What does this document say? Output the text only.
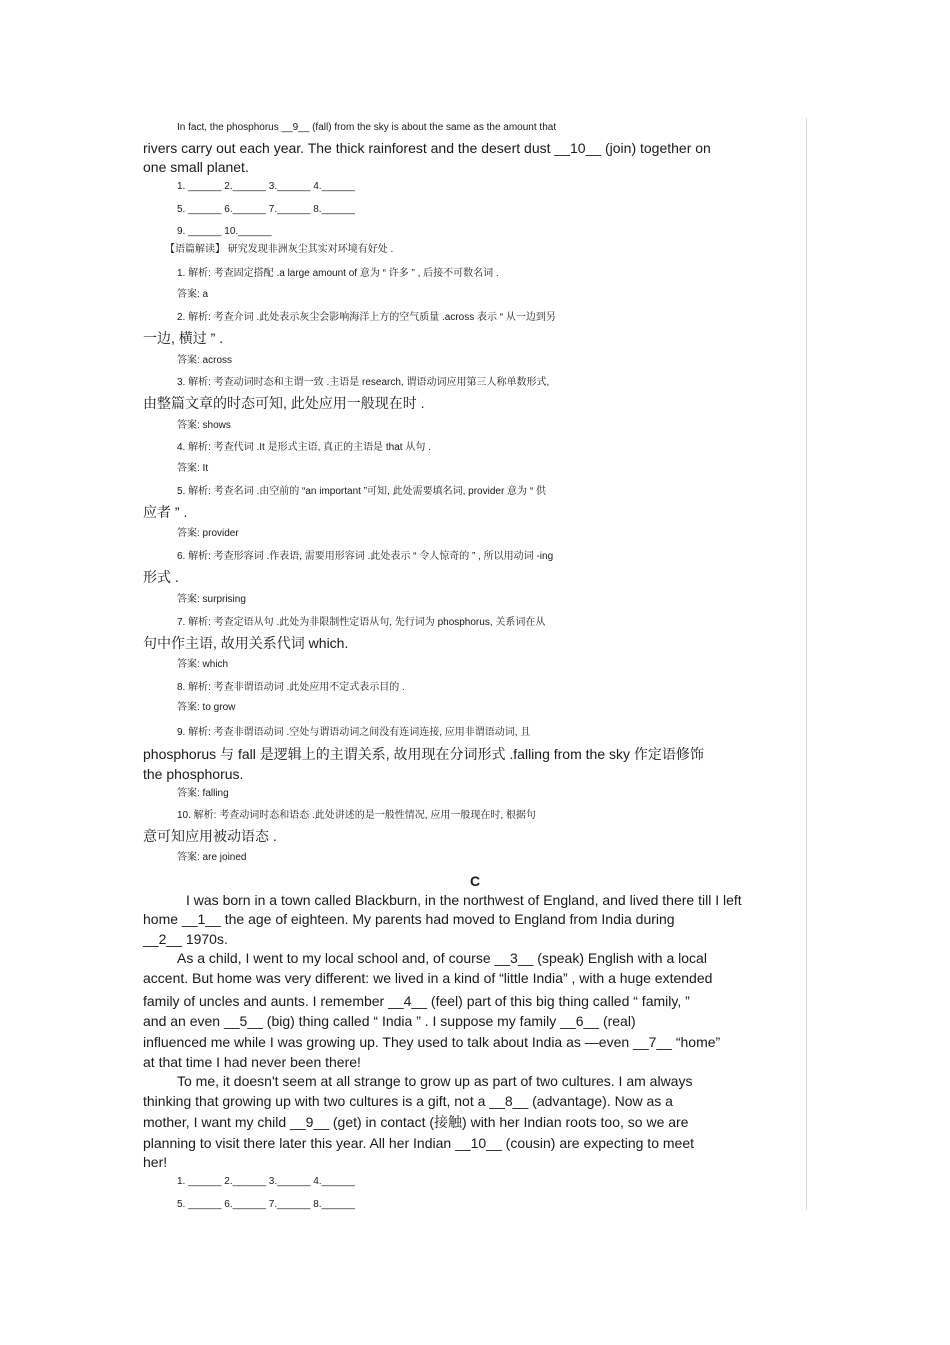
In fact, the phosphorus __9__ (fall) from the sky is about the same as the amount that
rivers carry out each year. The thick rainforest and the desert dust __10__ (join) together on
one small planet.
1. ______ 2.______ 3.______ 4.______
5. ______ 6.______ 7.______ 8.______
9. ______ 10.______
【语篇解读】 研究发现非洲灰尘其实对环境有好处 .
1. 解析: 考查固定搭配 .a large amount of 意为 “ 许多 ” , 后接不可数名词 .
答案: a
2. 解析: 考查介词 .此处表示灰尘会影响海洋上方的空气质量 .across 表示 “ 从一边到另
一边, 横过 ” .
答案: across
3. 解析: 考查动词时态和主谓一致 .主语是 research, 谓语动词应用第三人称单数形式,
由整篇文章的时态可知, 此处应用一般现在时 .
答案: shows
4. 解析: 考查代词 .It 是形式主语, 真正的主语是 that 从句 .
答案: It
5. 解析: 考查名词 .由空前的 “an important ”可知, 此处需要填名词, provider 意为 “ 供
应者 ” .
答案: provider
6. 解析: 考查形容词 .作表语, 需要用形容词 .此处表示 “ 令人惊奇的 ” , 所以用动词 -ing
形式 .
答案: surprising
7. 解析: 考查定语从句 .此处为非限制性定语从句, 先行词为 phosphorus, 关系词在从
句中作主语, 故用关系代词 which.
答案: which
8. 解析: 考查非谓语动词 .此处应用不定式表示目的 .
答案: to grow
9. 解析: 考查非谓语动词 .空处与谓语动词之间没有连词连接, 应用非谓语动词, 且
phosphorus 与 fall 是逻辑上的主谓关系, 故用现在分词形式 .falling from the sky 作定语修饰
the phosphorus.
答案: falling
10. 解析: 考查动词时态和语态 .此处讲述的是一般性情况, 应用一般现在时, 根据句
意可知应用被动语态 .
答案: are joined
C
I was born in a town called Blackburn, in the northwest of England, and lived there till I left
home __1__ the age of eighteen. My parents had moved to England from India during
__2__ 1970s.
As a child, I went to my local school and, of course __3__ (speak) English with a local
accent. But home was very different: we lived in a kind of “little India” , with a huge extended
family of uncles and aunts. I remember __4__ (feel) part of this big thing called “ family, ”
and an even __5__ (big) thing called “ India ” . I suppose my family __6__ (real)
influenced me while I was growing up. They used to talk about India as —even __7__ “home”
at that time I had never been there!
To me, it doesn't seem at all strange to grow up as part of two cultures. I am always
thinking that growing up with two cultures is a gift, not a __8__ (advantage). Now as a
mother, I want my child __9__ (get) in contact (接触) with her Indian roots too, so we are
planning to visit there later this year. All her Indian __10__ (cousin) are expecting to meet
her!
1. ______ 2.______ 3.______ 4.______
5. ______ 6.______ 7.______ 8.______
